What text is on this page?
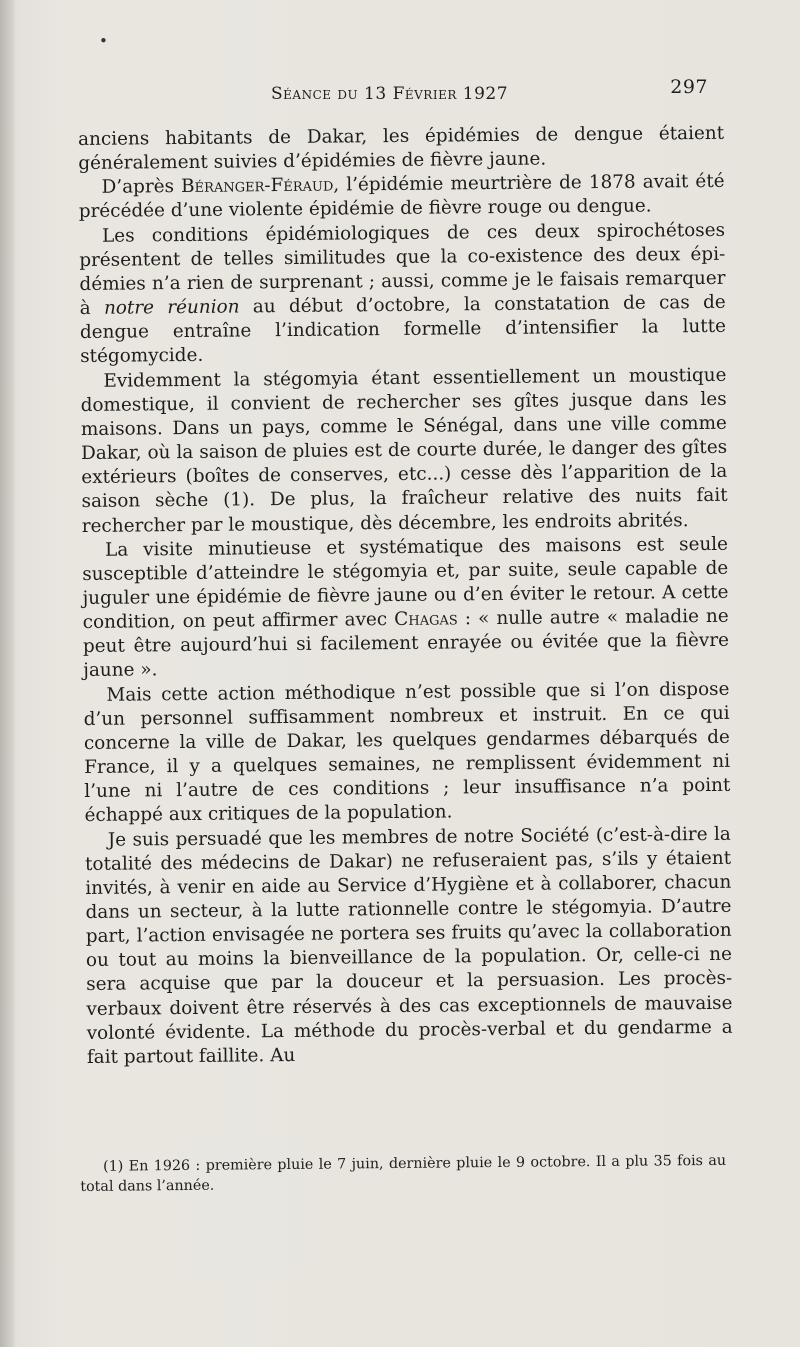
•
Séance du 13 Février 1927	297

anciens habitants de Dakar, les épidémies de dengue étaient généralement suivies d’épidémies de fièvre jaune.

D’après Béranger-Féraud, l’épidémie meurtrière de 1878 avait été précédée d’une violente épidémie de fièvre rouge ou dengue.

Les conditions épidémiologiques de ces deux spirochétoses présentent de telles similitudes que la co-existence des deux épidémies n’a rien de surprenant ; aussi, comme je le faisais remarquer à notre réunion au début d’octobre, la constatation de cas de dengue entraîne l’indication formelle d’intensifier la lutte stégomycide.

Evidemment la stégomyia étant essentiellement un moustique domestique, il convient de rechercher ses gîtes jusque dans les maisons. Dans un pays, comme le Sénégal, dans une ville comme Dakar, où la saison de pluies est de courte durée, le danger des gîtes extérieurs (boîtes de conserves, etc...) cesse dès l’apparition de la saison sèche (1). De plus, la fraîcheur relative des nuits fait rechercher par le moustique, dès décembre, les endroits abrités.

La visite minutieuse et systématique des maisons est seule susceptible d’atteindre le stégomyia et, par suite, seule capable de juguler une épidémie de fièvre jaune ou d’en éviter le retour. A cette condition, on peut affirmer avec Chagas : « nulle autre « maladie ne peut être aujourd’hui si facilement enrayée ou évitée que la fièvre jaune ».

Mais cette action méthodique n’est possible que si l’on dispose d’un personnel suffisamment nombreux et instruit. En ce qui concerne la ville de Dakar, les quelques gendarmes débarqués de France, il y a quelques semaines, ne remplissent évidemment ni l’une ni l’autre de ces conditions ; leur insuffisance n’a point échappé aux critiques de la population.

Je suis persuadé que les membres de notre Société (c’est-à-dire la totalité des médecins de Dakar) ne refuseraient pas, s’ils y étaient invités, à venir en aide au Service d’Hygiène et à collaborer, chacun dans un secteur, à la lutte rationnelle contre le stégomyia. D’autre part, l’action envisagée ne portera ses fruits qu’avec la collaboration ou tout au moins la bienveillance de la population. Or, celle-ci ne sera acquise que par la douceur et la persuasion. Les procès-verbaux doivent être réservés à des cas exceptionnels de mauvaise volonté évidente. La méthode du procès-verbal et du gendarme a fait partout faillite. Au

(1) En 1926 : première pluie le 7 juin, dernière pluie le 9 octobre. Il a plu 35 fois au total dans l’année.
